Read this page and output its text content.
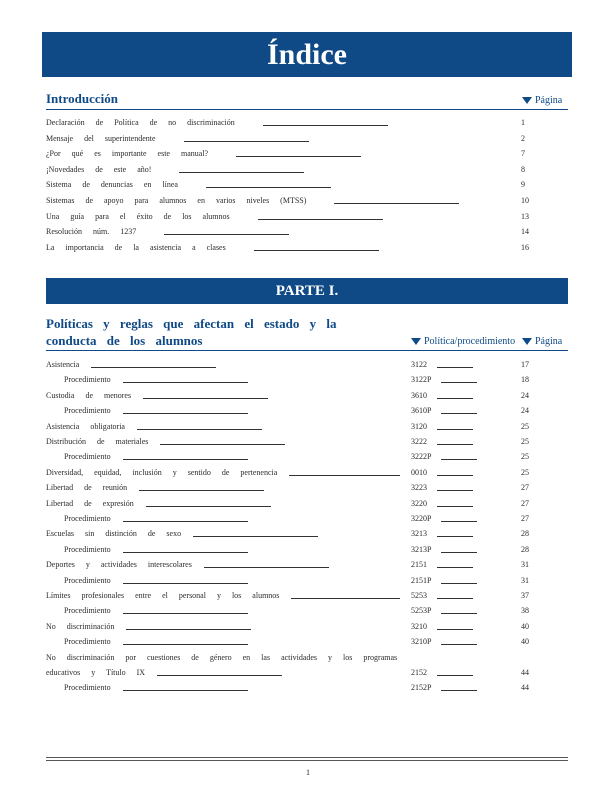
Índice
Introducción	Página
Declaración de Política de no discriminación	1
Mensaje del superintendente	2
¿Por qué es importante este manual?	7
¡Novedades de este año!	8
Sistema de denuncias en línea	9
Sistemas de apoyo para alumnos en varios niveles (MTSS)	10
Una guía para el éxito de los alumnos	13
Resolución núm. 1237	14
La importancia de la asistencia a clases	16
PARTE I.
Políticas y reglas que afectan el estado y la
conducta de los alumnos	Política/procedimiento	Página
Asistencia	3122	17
Procedimiento	3122P	18
Custodia de menores	3610	24
Procedimiento	3610P	24
Asistencia obligatoria	3120	25
Distribución de materiales	3222	25
Procedimiento	3222P	25
Diversidad, equidad, inclusión y sentido de pertenencia	0010	25
Libertad de reunión	3223	27
Libertad de expresión	3220	27
Procedimiento	3220P	27
Escuelas sin distinción de sexo	3213	28
Procedimiento	3213P	28
Deportes y actividades interescolares	2151	31
Procedimiento	2151P	31
Límites profesionales entre el personal y los alumnos	5253	37
Procedimiento	5253P	38
No discriminación	3210	40
Procedimiento	3210P	40
No discriminación por cuestiones de género en las actividades y los programas
educativos y Título IX	2152	44
Procedimiento	2152P	44
1
